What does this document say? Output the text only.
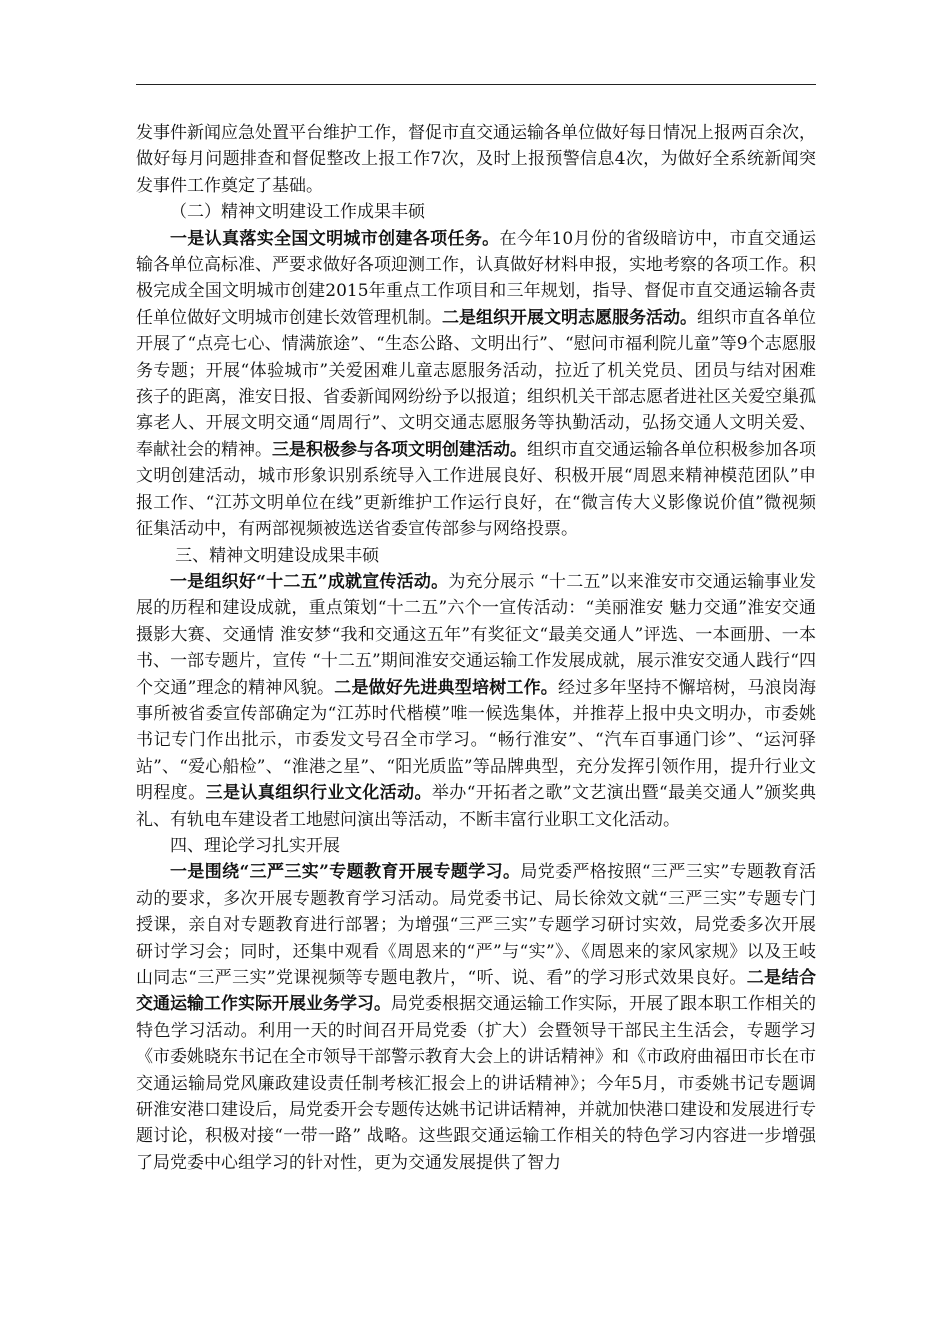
发事件新闻应急处置平台维护工作，督促市直交通运输各单位做好每日情况上报两百余次，做好每月问题排查和督促整改上报工作7次，及时上报预警信息4次，为做好全系统新闻突发事件工作奠定了基础。

（二）精神文明建设工作成果丰硕

一是认真落实全国文明城市创建各项任务。在今年10月份的省级暗访中，市直交通运输各单位高标准、严要求做好各项迎测工作，认真做好材料申报，实地考察的各项工作。积极完成全国文明城市创建2015年重点工作项目和三年规划，指导、督促市直交通运输各责任单位做好文明城市创建长效管理机制。二是组织开展文明志愿服务活动。组织市直各单位开展了“点亮七心、情满旅途”、“生态公路、文明出行”、“慰问市福利院儿童”等9个志愿服务专题；开展“体验城市”关爱困难儿童志愿服务活动，拉近了机关党员、团员与结对困难孩子的距离，淮安日报、省委新闻网纷纷予以报道；组织机关干部志愿者进社区关爱空巢孤寡老人、开展文明交通“周周行”、文明交通志愿服务等执勤活动，弘扬交通人文明关爱、奉献社会的精神。三是积极参与各项文明创建活动。组织市直交通运输各单位积极参加各项文明创建活动，城市形象识别系统导入工作进展良好、积极开展“周恩来精神模范团队”申报工作、“江苏文明单位在线”更新维护工作运行良好，在“微言传大义影像说价值”微视频征集活动中，有两部视频被选送省委宣传部参与网络投票。

三、精神文明建设成果丰硕

一是组织好“十二五”成就宣传活动。为充分展示 “十二五”以来淮安市交通运输事业发展的历程和建设成就，重点策划“十二五”六个一宣传活动：“美丽淮安 魅力交通”淮安交通摄影大赛、交通情 淮安梦“我和交通这五年”有奖征文“最美交通人”评选、一本画册、一本书、一部专题片，宣传 “十二五”期间淮安交通运输工作发展成就，展示淮安交通人践行“四个交通”理念的精神风貌。二是做好先进典型培树工作。经过多年坚持不懈培树，马浪岗海事所被省委宣传部确定为“江苏时代楷模”唯一候选集体，并推荐上报中央文明办，市委姚书记专门作出批示，市委发文号召全市学习。“畅行淮安”、“汽车百事通门诊”、“运河驿站”、“爱心船检”、“淮港之星”、“阳光质监”等品牌典型，充分发挥引领作用，提升行业文明程度。三是认真组织行业文化活动。举办“开拓者之歌”文艺演出暨“最美交通人”颁奖典礼、有轨电车建设者工地慰问演出等活动，不断丰富行业职工文化活动。

四、理论学习扎实开展

一是围绕“三严三实”专题教育开展专题学习。局党委严格按照“三严三实”专题教育活动的要求，多次开展专题教育学习活动。局党委书记、局长徐效文就“三严三实”专题专门授课，亲自对专题教育进行部署；为增强“三严三实”专题学习研讨实效，局党委多次开展研讨学习会；同时，还集中观看《周恩来的“严”与“实”》、《周恩来的家风家规》以及王岐山同志“三严三实”党课视频等专题电教片，“听、说、看”的学习形式效果良好。二是结合交通运输工作实际开展业务学习。局党委根据交通运输工作实际，开展了跟本职工作相关的特色学习活动。利用一天的时间召开局党委（扩大）会暨领导干部民主生活会，专题学习《市委姚晓东书记在全市领导干部警示教育大会上的讲话精神》和《市政府曲福田市长在市交通运输局党风廉政建设责任制考核汇报会上的讲话精神》；今年5月，市委姚书记专题调研淮安港口建设后，局党委开会专题传达姚书记讲话精神，并就加快港口建设和发展进行专题讨论，积极对接“一带一路” 战略。这些跟交通运输工作相关的特色学习内容进一步增强了局党委中心组学习的针对性，更为交通发展提供了智力
